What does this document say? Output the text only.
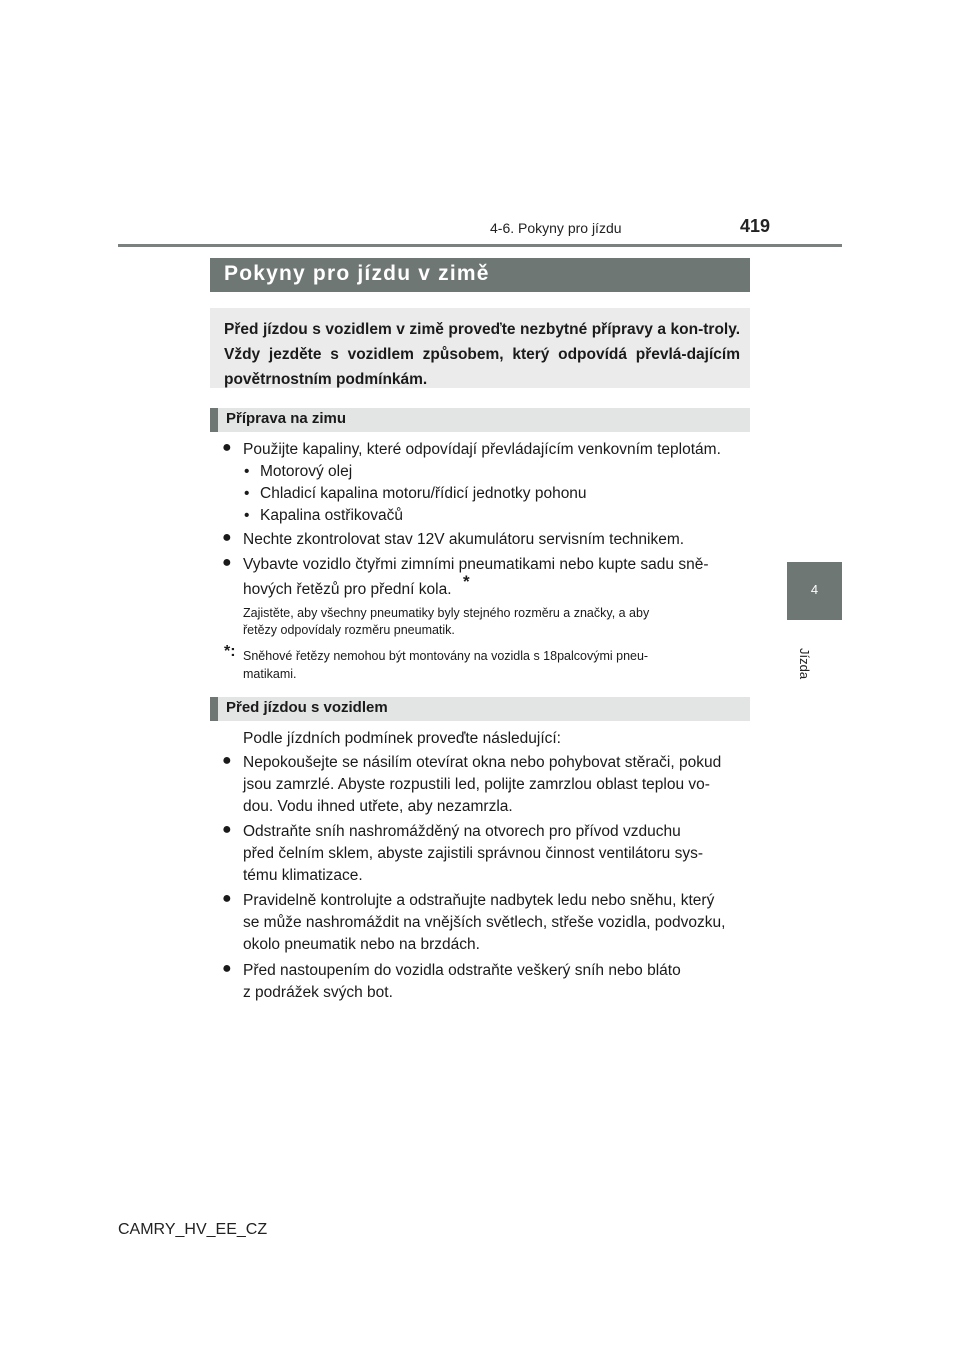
4-6. Pokyny pro jízdu	419
4
Jízda
Pokyny pro jízdu v zimě

Před jízdou s vozidlem v zimě proveďte nezbytné přípravy a kon-troly. Vždy jezděte s vozidlem způsobem, který odpovídá převlá-dajícím povětrnostním podmínkám.

Příprava na zimu
● Použijte kapaliny, které odpovídají převládajícím venkovním teplotám.
• Motorový olej
• Chladicí kapalina motoru/řídicí jednotky pohonu
• Kapalina ostřikovačů
● Nechte zkontrolovat stav 12V akumulátoru servisním technikem.
● Vybavte vozidlo čtyřmi zimními pneumatikami nebo kupte sadu sně-
hových řetězů pro přední kola. *
Zajistěte, aby všechny pneumatiky byly stejného rozměru a značky, a aby
řetězy odpovídaly rozměru pneumatik.
*: Sněhové řetězy nemohou být montovány na vozidla s 18palcovými pneu-
matikami.
Před jízdou s vozidlem
Podle jízdních podmínek proveďte následující:
● Nepokoušejte se násilím otevírat okna nebo pohybovat stěrači, pokud
jsou zamrzlé. Abyste rozpustili led, polijte zamrzlou oblast teplou vo-
dou. Vodu ihned utřete, aby nezamrzla.
● Odstraňte sníh nashromážděný na otvorech pro přívod vzduchu
před čelním sklem, abyste zajistili správnou činnost ventilátoru sys-
tému klimatizace.
● Pravidelně kontrolujte a odstraňujte nadbytek ledu nebo sněhu, který
se může nashromáždit na vnějších světlech, střeše vozidla, podvozku,
okolo pneumatik nebo na brzdách.
● Před nastoupením do vozidla odstraňte veškerý sníh nebo bláto
z podrážek svých bot.
CAMRY_HV_EE_CZ
